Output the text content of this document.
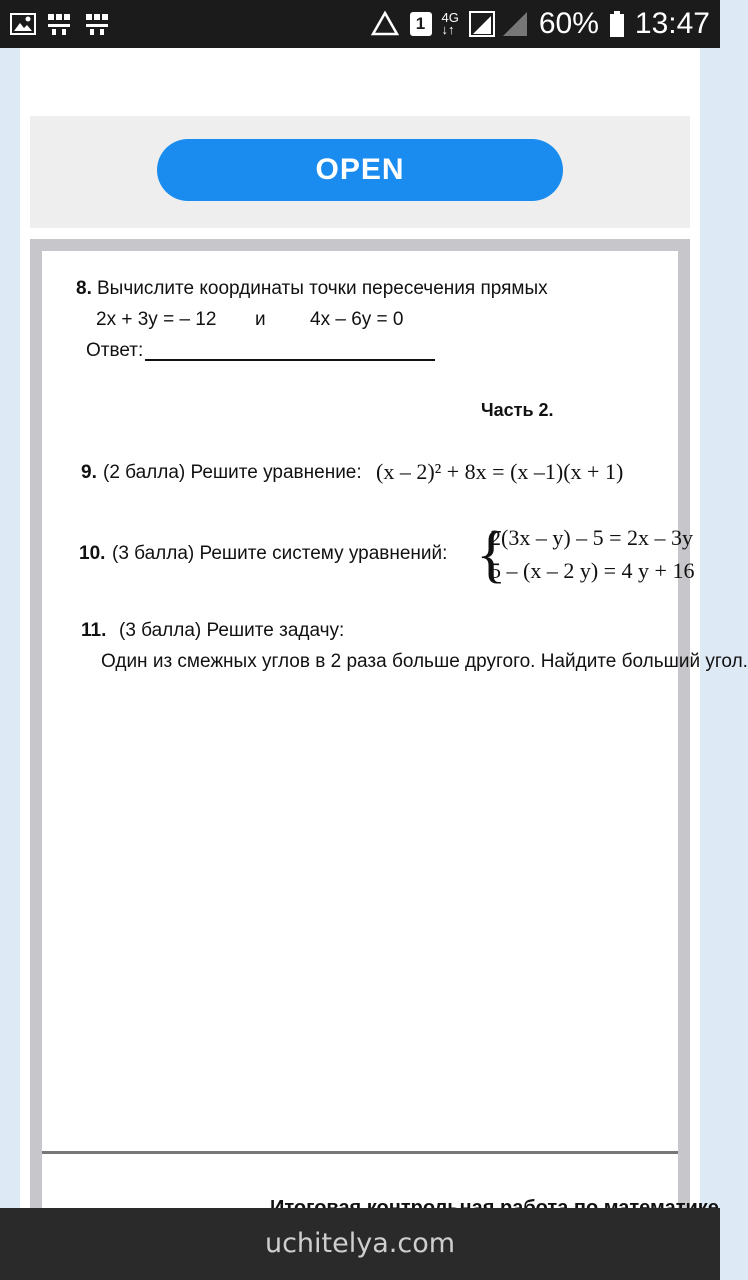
1	4G
↓↑	60% 13:47
OPEN
8. Вычислите координаты точки пересечения прямых
2x + 3y = – 12 и 4x – 6y = 0
Ответ:
Часть 2.
9. (2 балла) Решите уравнение: (x – 2)² + 8x = (x –1)(x + 1)
10. (3 балла) Решите систему уравнений: {
2(3x – y) – 5 = 2x – 3y
5 – (x – 2 y) = 4 y + 16
11. (3 балла) Решите задачу:
Один из смежных углов в 2 раза больше другого. Найдите больший угол.
uchitelya.com
